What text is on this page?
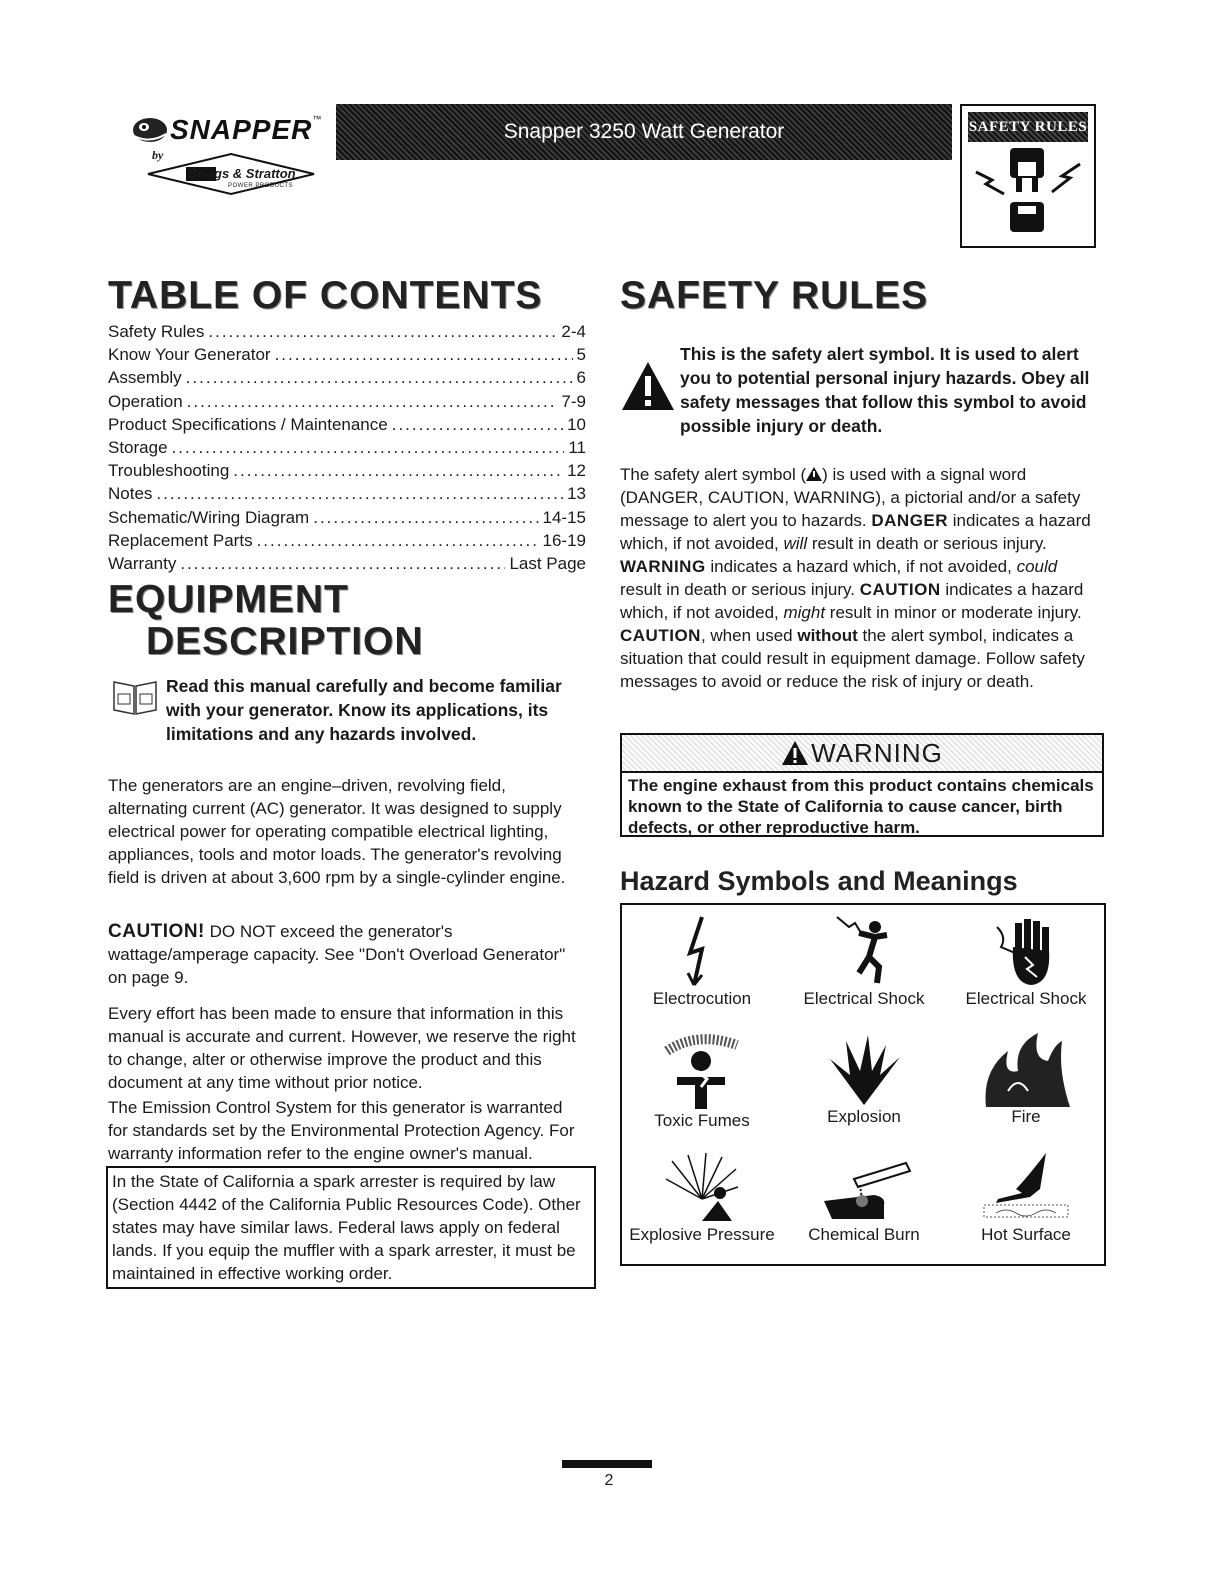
SNAPPER™
by
Briggs & Stratton
POWER PRODUCTS
Snapper 3250 Watt Generator	SAFETY RULES
TABLE OF CONTENTS
Safety Rules .....	2-4
Know Your Generator .....	5
Assembly .....	6
Operation .....	7-9
Product Specifications / Maintenance .....	10
Storage .....	11
Troubleshooting .....	12
Notes .....	13
Schematic/Wiring Diagram .....	14-15
Replacement Parts .....	16-19
Warranty .....	Last Page
EQUIPMENT
DESCRIPTION
Read this manual carefully and become familiar with your generator. Know its applications, its limitations and any hazards involved.
The generators are an engine–driven, revolving field, alternating current (AC) generator. It was designed to supply electrical power for operating compatible electrical lighting, appliances, tools and motor loads. The generator's revolving field is driven at about 3,600 rpm by a single-cylinder engine.
CAUTION! DO NOT exceed the generator's wattage/amperage capacity. See "Don't Overload Generator" on page 9.
Every effort has been made to ensure that information in this manual is accurate and current. However, we reserve the right to change, alter or otherwise improve the product and this document at any time without prior notice.
The Emission Control System for this generator is warranted for standards set by the Environmental Protection Agency. For warranty information refer to the engine owner's manual.
In the State of California a spark arrester is required by law (Section 4442 of the California Public Resources Code). Other states may have similar laws. Federal laws apply on federal lands. If you equip the muffler with a spark arrester, it must be maintained in effective working order.
SAFETY RULES
This is the safety alert symbol. It is used to alert you to potential personal injury hazards. Obey all safety messages that follow this symbol to avoid possible injury or death.
The safety alert symbol ( ) is used with a signal word (DANGER, CAUTION, WARNING), a pictorial and/or a safety message to alert you to hazards. DANGER indicates a hazard which, if not avoided, will result in death or serious injury. WARNING indicates a hazard which, if not avoided, could result in death or serious injury. CAUTION indicates a hazard which, if not avoided, might result in minor or moderate injury. CAUTION, when used without the alert symbol, indicates a situation that could result in equipment damage. Follow safety messages to avoid or reduce the risk of injury or death.
WARNING
The engine exhaust from this product contains chemicals known to the State of California to cause cancer, birth defects, or other reproductive harm.
Hazard Symbols and Meanings
Electrocution	Electrical Shock	Electrical Shock
Toxic Fumes	Explosion	Fire
Explosive Pressure	Chemical Burn	Hot Surface
2
